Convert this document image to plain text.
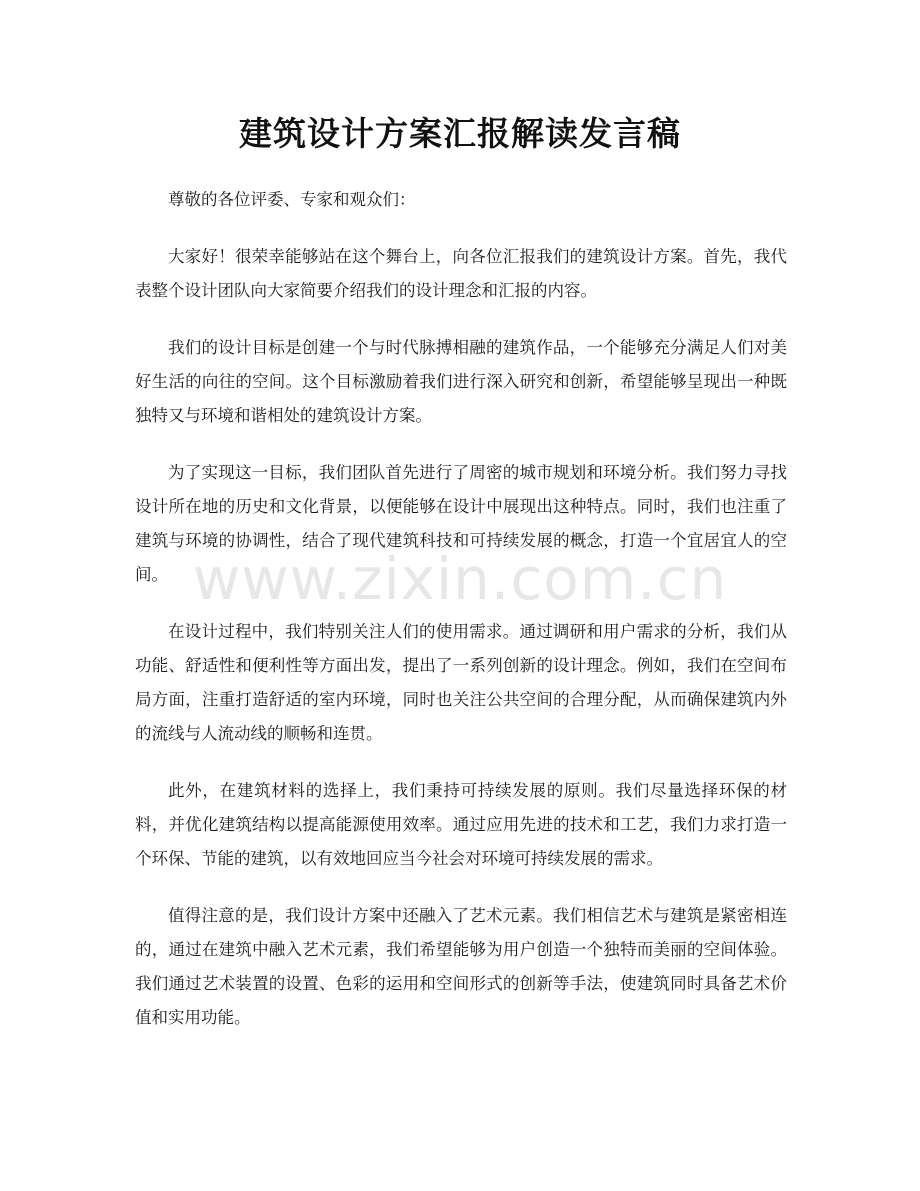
建筑设计方案汇报解读发言稿

尊敬的各位评委、专家和观众们：

大家好！很荣幸能够站在这个舞台上，向各位汇报我们的建筑设计方案。首先，我代表整个设计团队向大家简要介绍我们的设计理念和汇报的内容。

我们的设计目标是创建一个与时代脉搏相融的建筑作品，一个能够充分满足人们对美好生活的向往的空间。这个目标激励着我们进行深入研究和创新，希望能够呈现出一种既独特又与环境和谐相处的建筑设计方案。

为了实现这一目标，我们团队首先进行了周密的城市规划和环境分析。我们努力寻找设计所在地的历史和文化背景，以便能够在设计中展现出这种特点。同时，我们也注重了建筑与环境的协调性，结合了现代建筑科技和可持续发展的概念，打造一个宜居宜人的空间。

在设计过程中，我们特别关注人们的使用需求。通过调研和用户需求的分析，我们从功能、舒适性和便利性等方面出发，提出了一系列创新的设计理念。例如，我们在空间布局方面，注重打造舒适的室内环境，同时也关注公共空间的合理分配，从而确保建筑内外的流线与人流动线的顺畅和连贯。

此外，在建筑材料的选择上，我们秉持可持续发展的原则。我们尽量选择环保的材料，并优化建筑结构以提高能源使用效率。通过应用先进的技术和工艺，我们力求打造一个环保、节能的建筑，以有效地回应当今社会对环境可持续发展的需求。

值得注意的是，我们设计方案中还融入了艺术元素。我们相信艺术与建筑是紧密相连的，通过在建筑中融入艺术元素，我们希望能够为用户创造一个独特而美丽的空间体验。我们通过艺术装置的设置、色彩的运用和空间形式的创新等手法，使建筑同时具备艺术价值和实用功能。

www.zixin.com.cn
